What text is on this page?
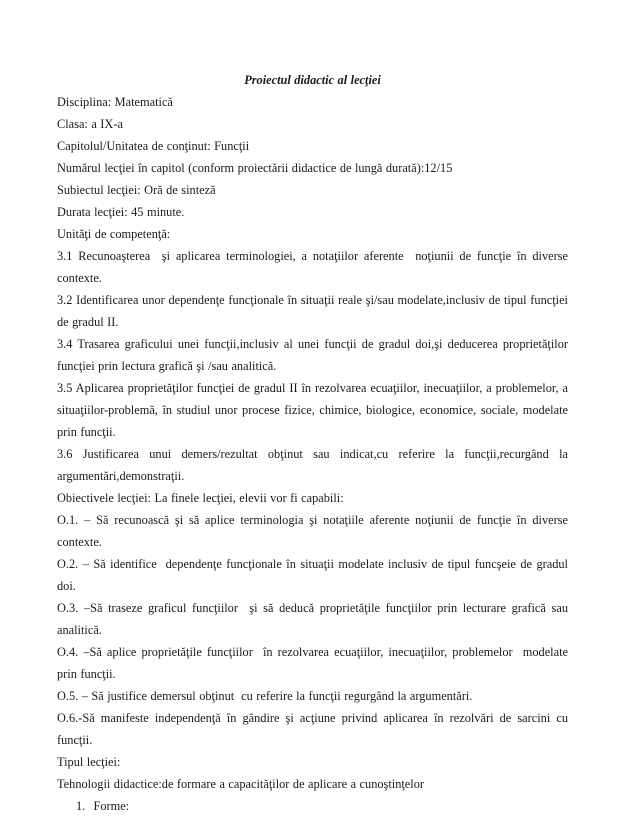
Proiectul didactic al lecţiei

Disciplina: Matematică

Clasa: a IX-a

Capitolul/Unitatea de conţinut: Funcţii

Numărul lecţiei în capitol (conform proiectării didactice de lungă durată):12/15

Subiectul lecţiei: Oră de sinteză

Durata lecţiei: 45 minute.

Unităţi de competenţă:

3.1 Recunoaşterea  şi aplicarea terminologiei, a notaţiilor aferente  noţiunii de funcţie în diverse contexte.

3.2 Identificarea unor dependenţe funcţionale în situaţii reale şi/sau modelate,inclusiv de tipul funcţiei de gradul II.

3.4 Trasarea graficului unei funcţii,inclusiv al unei funcţii de gradul doi,şi deducerea proprietăţilor funcţiei prin lectura grafică şi /sau analitică.

3.5 Aplicarea proprietăţilor funcţiei de gradul II în rezolvarea ecuaţiilor, inecuaţiilor, a problemelor, a situaţiilor-problemă, în studiul unor procese fizice, chimice, biologice, economice, sociale, modelate prin funcţii.

3.6 Justificarea unui demers/rezultat obţinut sau indicat,cu referire la funcţii,recurgând la argumentări,demonstraţii.

Obiectivele lecţiei: La finele lecţiei, elevii vor fi capabili:

O.1. – Să recunoască şi să aplice terminologia şi notaţiile aferente noţiunii de funcţie în diverse contexte.

O.2. – Să identifice  dependenţe funcţionale în situaţii modelate inclusiv de tipul funcşeie de gradul doi.

O.3. –Să traseze graficul funcţiilor  şi să deducă proprietăţile funcţiilor prin lecturare grafică sau analitică.

O.4. –Să aplice proprietăţile funcţiilor  în rezolvarea ecuaţiilor, inecuaţiilor, problemelor  modelate prin funcţii.

O.5. – Să justifice demersul obţinut  cu referire la funcţii regurgând la argumentări.

O.6.-Să manifeste independenţă în gândire şi acţiune privind aplicarea în rezolvări de sarcini cu funcţii.

Tipul lecţiei:

Tehnologii didactice:de formare a capacităţilor de aplicare a cunoştinţelor

1. Forme:
